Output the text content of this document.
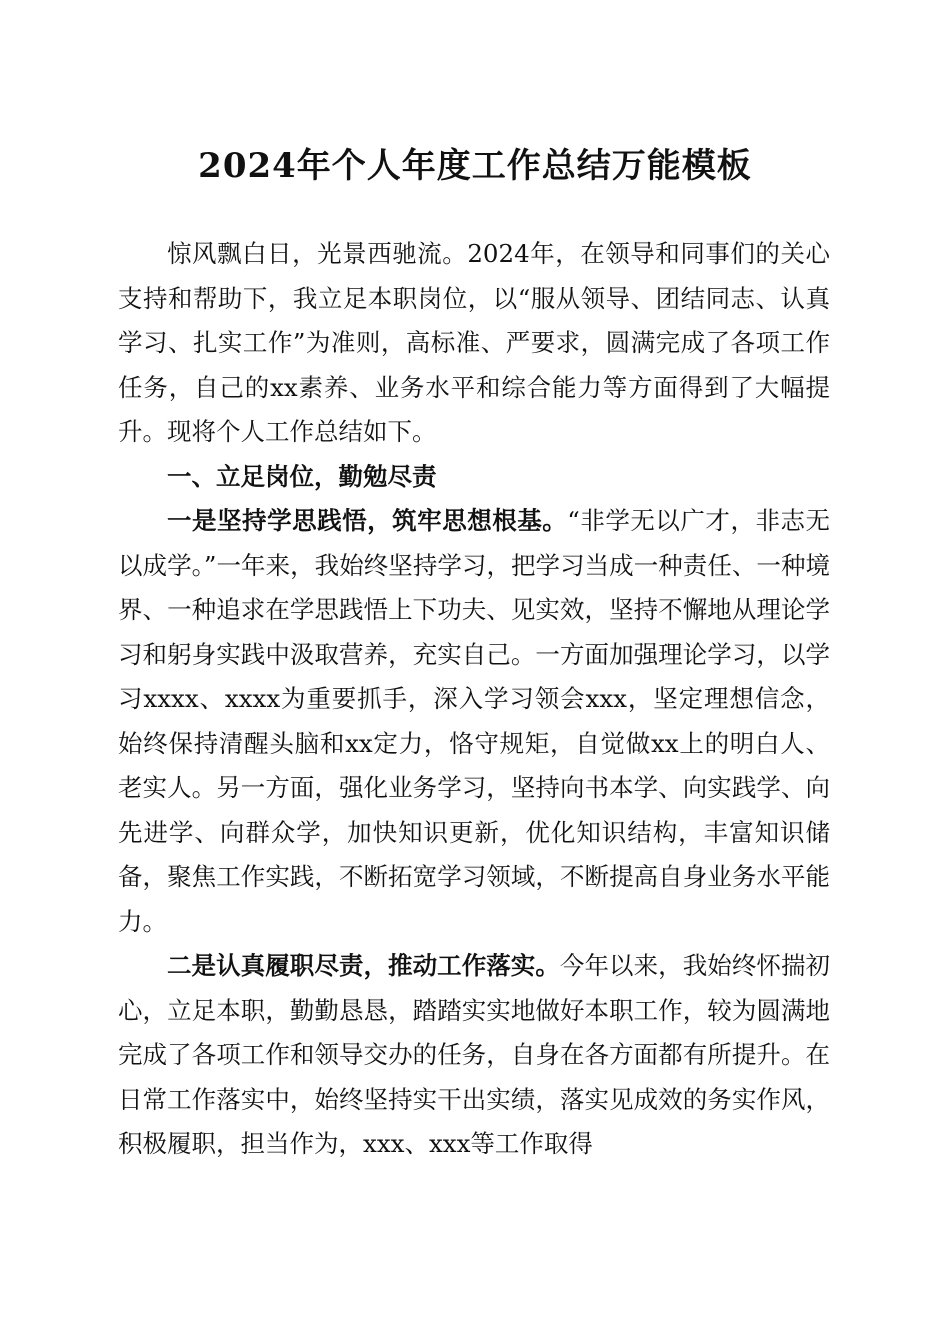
2024年个人年度工作总结万能模板

惊风飘白日，光景西驰流。2024年，在领导和同事们的关心支持和帮助下，我立足本职岗位，以“服从领导、团结同志、认真学习、扎实工作”为准则，高标准、严要求，圆满完成了各项工作任务，自己的xx素养、业务水平和综合能力等方面得到了大幅提升。现将个人工作总结如下。

一、立足岗位，勤勉尽责

一是坚持学思践悟，筑牢思想根基。“非学无以广才，非志无以成学。”一年来，我始终坚持学习，把学习当成一种责任、一种境界、一种追求在学思践悟上下功夫、见实效，坚持不懈地从理论学习和躬身实践中汲取营养，充实自己。一方面加强理论学习，以学习xxxx、xxxx为重要抓手，深入学习领会xxx，坚定理想信念，始终保持清醒头脑和xx定力，恪守规矩，自觉做xx上的明白人、老实人。另一方面，强化业务学习，坚持向书本学、向实践学、向先进学、向群众学，加快知识更新，优化知识结构，丰富知识储备，聚焦工作实践，不断拓宽学习领域，不断提高自身业务水平能力。

二是认真履职尽责，推动工作落实。今年以来，我始终怀揣初心，立足本职，勤勤恳恳，踏踏实实地做好本职工作，较为圆满地完成了各项工作和领导交办的任务，自身在各方面都有所提升。在日常工作落实中，始终坚持实干出实绩，落实见成效的务实作风，积极履职，担当作为，xxx、xxx等工作取得
